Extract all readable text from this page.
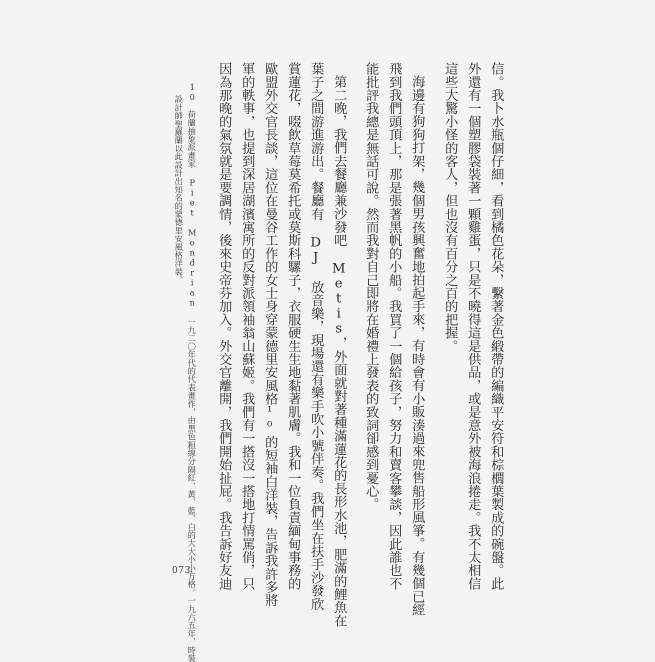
信。我卜水瓶個仔細，看到橘色花朵，繫著金色緞帶的編織平安符和棕櫚葉製成的碗盤。此
外還有一個塑膠袋裝著一顆雞蛋，只是不曉得這是供品，或是意外被海浪捲走。我不太相信
這些大驚小怪的客人，但也沒有百分之百的把握。
海邊有狗狗打架，幾個男孩興奮地拍起手來，有時會有小販湊過來兜售船形風箏。有幾個已經
飛到我們頭頂上，那是張著黑帆的小船。我買了一個給孩子，努力和賣客攀談，因此誰也不
能批評我總是無話可說。然而我對自己即將在婚禮上發表的致詞卻感到憂心。
第二晚，我們去餐廳兼沙發吧 Metis，外面就對著種滿蓮花的長形水池，肥滿的鯉魚在
葉子之間游進游出。餐廳有 DJ 放音樂，現場還有樂手吹小號伴奏。我們坐在扶手沙發欣
賞蓮花，啜飲草莓莫希托或莫斯科騾子，衣服硬生生地黏著肌膚。我和一位負責緬甸事務的
歐盟外交官長談，這位在曼谷工作的女士身穿蒙德里安風格¹⁰的短袖白洋裝，告訴我許多將
軍的軼事，也提到深居湖濱寓所的反對派領袖翁山蘇姬。我們有一搭沒一搭地打情罵俏，只
因為那晚的氣氛就是要調情，後來史帝芬加入。外交官離開，我們開始扯屁。我告訴好友迪
10　荷蘭抽象派畫家 Piet Mondrian 一九二〇年代的代表畫作，由黑色粗線分隔紅、黃、藍、白的大大小小方格。一九六五年，時裝
設計師聖羅蘭以此設計出知名的蒙德里安風格洋裝。
073
